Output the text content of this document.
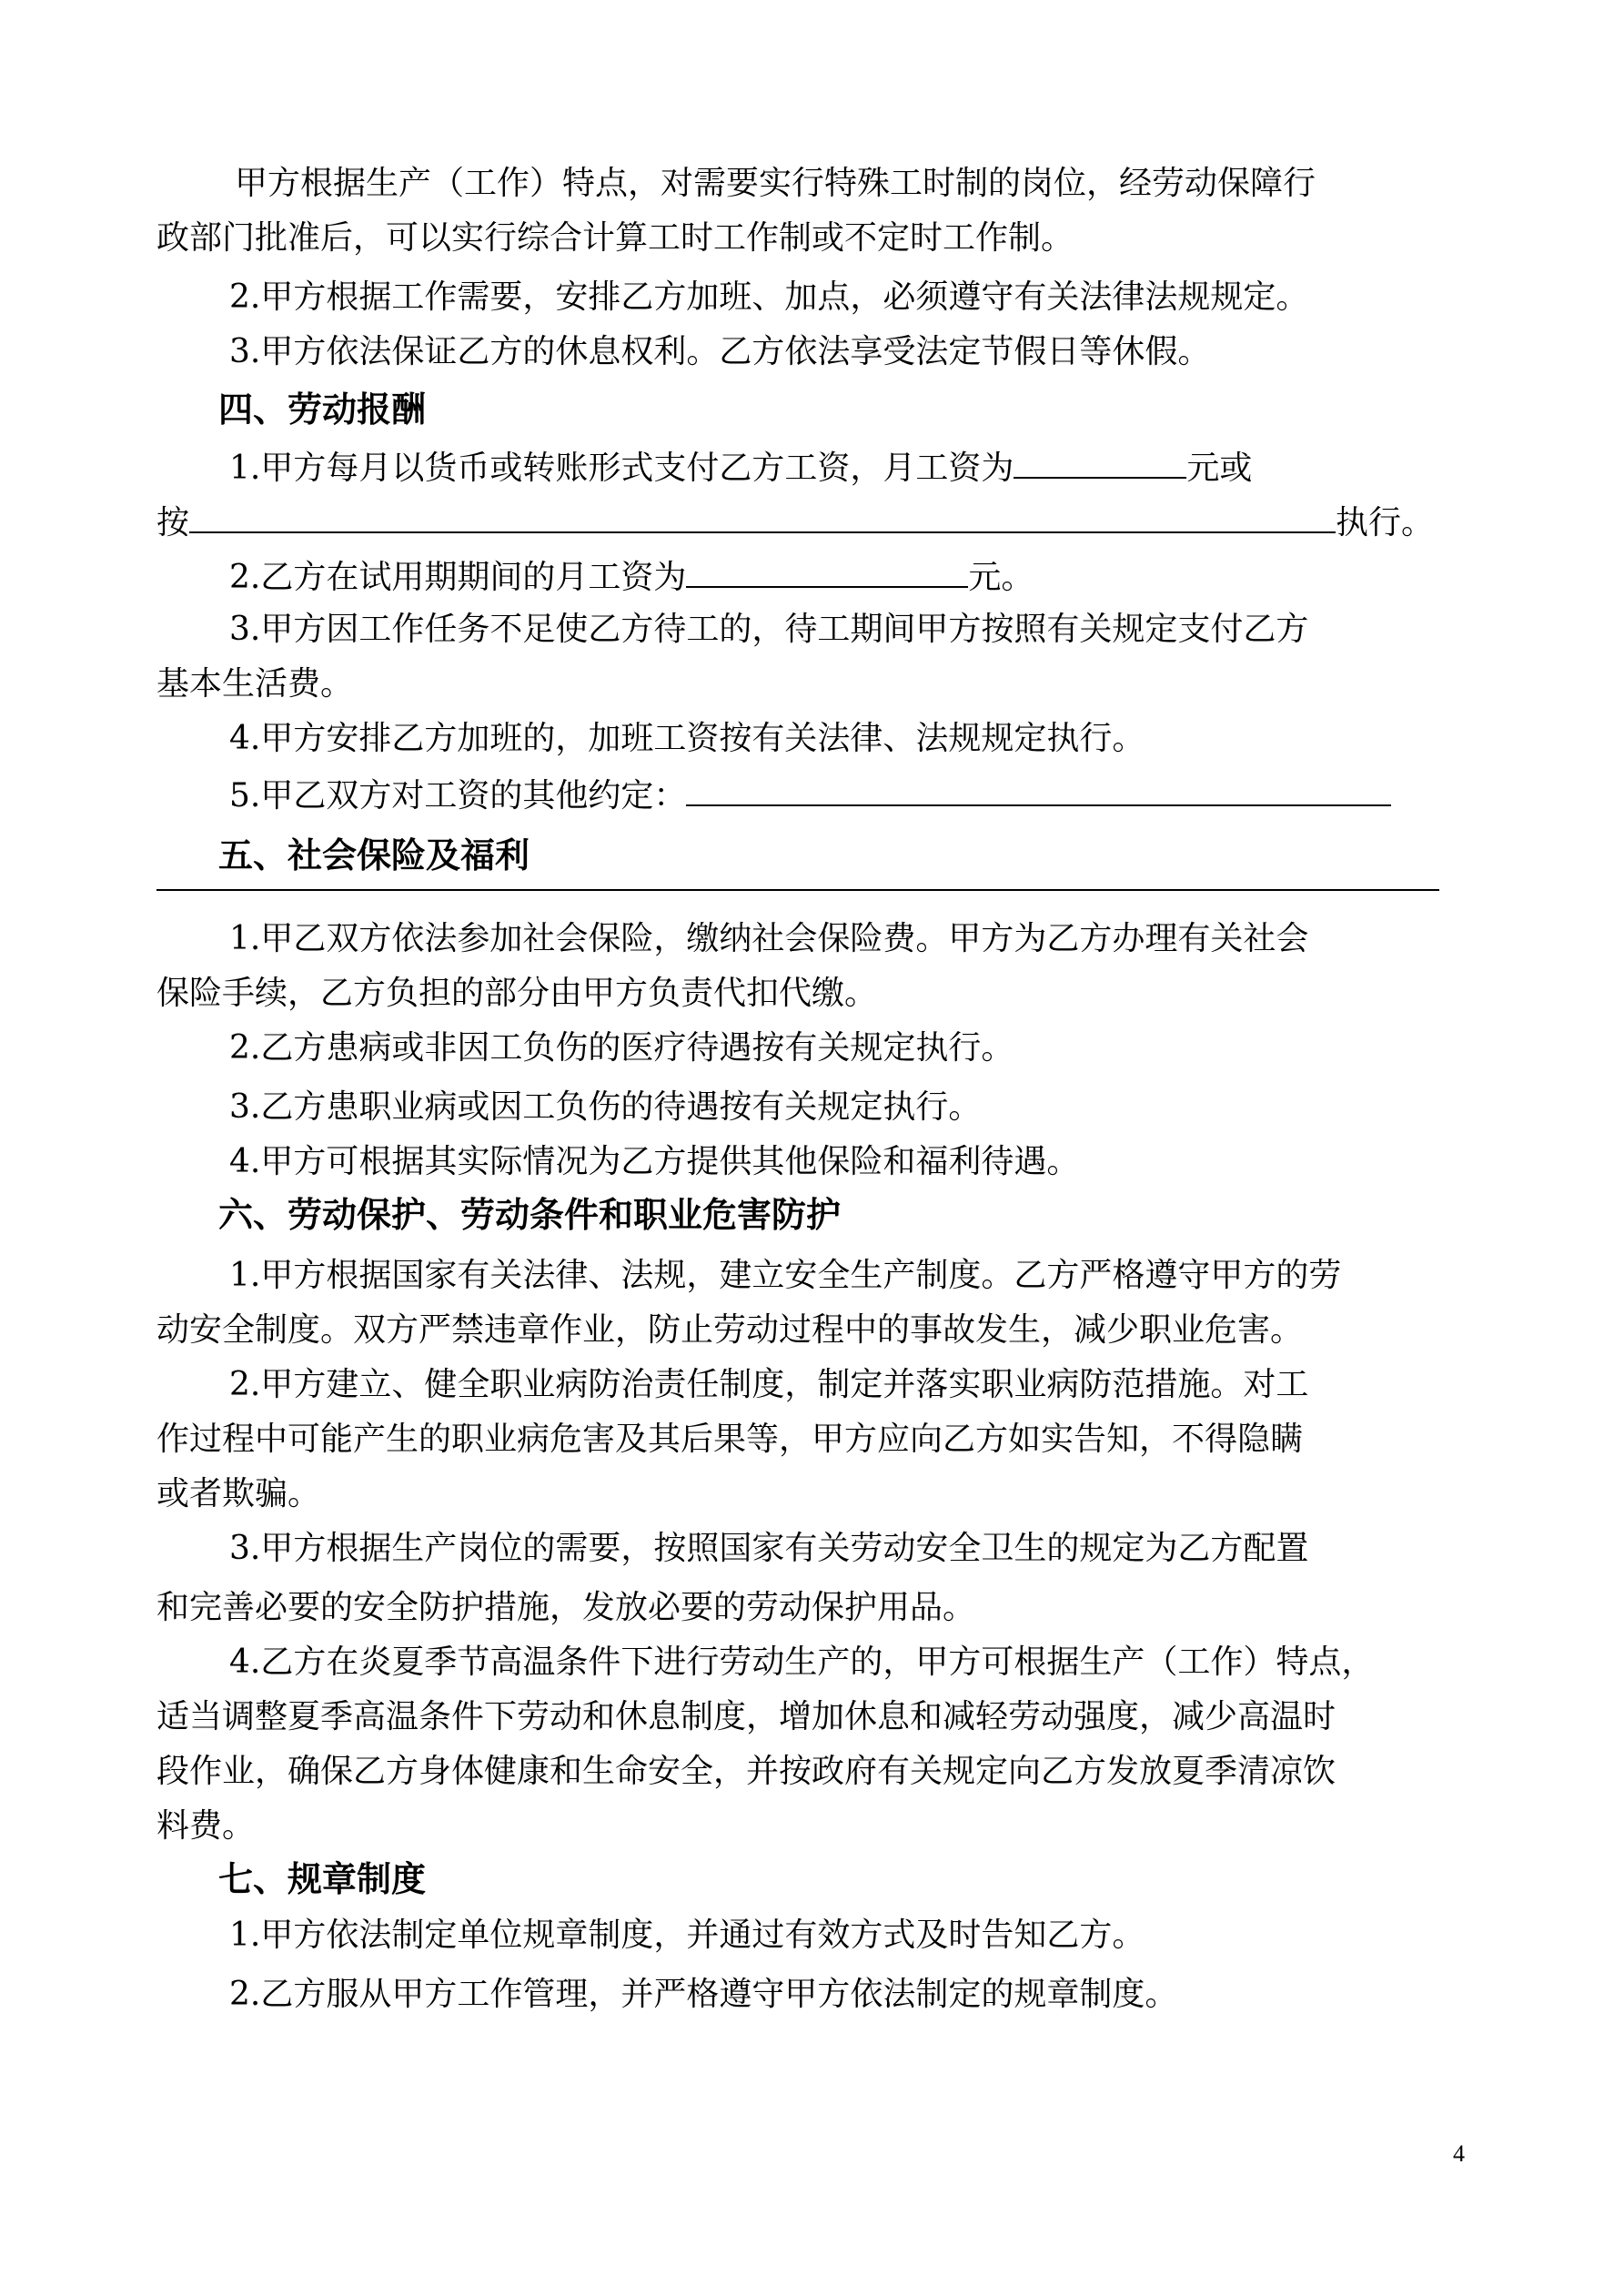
甲方根据生产（工作）特点，对需要实行特殊工时制的岗位，经劳动保障行
政部门批准后，可以实行综合计算工时工作制或不定时工作制。
2.甲方根据工作需要，安排乙方加班、加点，必须遵守有关法律法规规定。
3.甲方依法保证乙方的休息权利。乙方依法享受法定节假日等休假。
四、劳动报酬
1.甲方每月以货币或转账形式支付乙方工资，月工资为	元或
按	执行。
2.乙方在试用期期间的月工资为	元。
3.甲方因工作任务不足使乙方待工的，待工期间甲方按照有关规定支付乙方
基本生活费。
4.甲方安排乙方加班的，加班工资按有关法律、法规规定执行。
5.甲乙双方对工资的其他约定：
五、社会保险及福利
1.甲乙双方依法参加社会保险，缴纳社会保险费。甲方为乙方办理有关社会
保险手续，乙方负担的部分由甲方负责代扣代缴。
2.乙方患病或非因工负伤的医疗待遇按有关规定执行。
3.乙方患职业病或因工负伤的待遇按有关规定执行。
4.甲方可根据其实际情况为乙方提供其他保险和福利待遇。
六、劳动保护、劳动条件和职业危害防护
1.甲方根据国家有关法律、法规，建立安全生产制度。乙方严格遵守甲方的劳
动安全制度。双方严禁违章作业，防止劳动过程中的事故发生，减少职业危害。
2.甲方建立、健全职业病防治责任制度，制定并落实职业病防范措施。对工
作过程中可能产生的职业病危害及其后果等，甲方应向乙方如实告知，不得隐瞒
或者欺骗。
3.甲方根据生产岗位的需要，按照国家有关劳动安全卫生的规定为乙方配置
和完善必要的安全防护措施，发放必要的劳动保护用品。
4.乙方在炎夏季节高温条件下进行劳动生产的，甲方可根据生产（工作）特点，
适当调整夏季高温条件下劳动和休息制度，增加休息和减轻劳动强度，减少高温时
段作业，确保乙方身体健康和生命安全，并按政府有关规定向乙方发放夏季清凉饮
料费。
七、规章制度
1.甲方依法制定单位规章制度，并通过有效方式及时告知乙方。
2.乙方服从甲方工作管理，并严格遵守甲方依法制定的规章制度。
4
